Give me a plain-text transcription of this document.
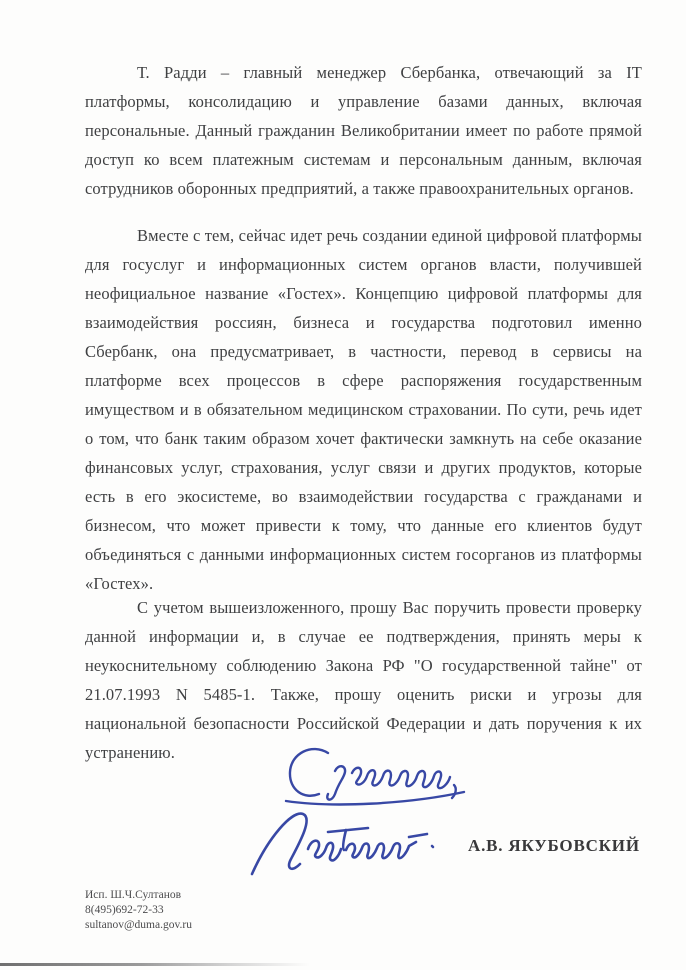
Т. Радди – главный менеджер Сбербанка, отвечающий за IT платформы, консолидацию и управление базами данных, включая персональные. Данный гражданин Великобритании имеет по работе прямой доступ ко всем платежным системам и персональным данным, включая сотрудников оборонных предприятий, а также правоохранительных органов.

Вместе с тем, сейчас идет речь создании единой цифровой платформы для госуслуг и информационных систем органов власти, получившей неофициальное название «Гостех». Концепцию цифровой платформы для взаимодействия россиян, бизнеса и государства подготовил именно Сбербанк, она предусматривает, в частности, перевод в сервисы на платформе всех процессов в сфере распоряжения государственным имуществом и в обязательном медицинском страховании. По сути, речь идет о том, что банк таким образом хочет фактически замкнуть на себе оказание финансовых услуг, страхования, услуг связи и других продуктов, которые есть в его экосистеме, во взаимодействии государства с гражданами и бизнесом, что может привести к тому, что данные его клиентов будут объединяться с данными информационных систем госорганов из платформы «Гостех».

С учетом вышеизложенного, прошу Вас поручить провести проверку данной информации и, в случае ее подтверждения, принять меры к неукоснительному соблюдению Закона РФ "О государственной тайне" от 21.07.1993 N 5485-1. Также, прошу оценить риски и угрозы для национальной безопасности Российской Федерации и дать поручения к их устранению.

А.В. ЯКУБОВСКИЙ
Исп. Ш.Ч.Султанов
8(495)692-72-33
sultanov@duma.gov.ru
